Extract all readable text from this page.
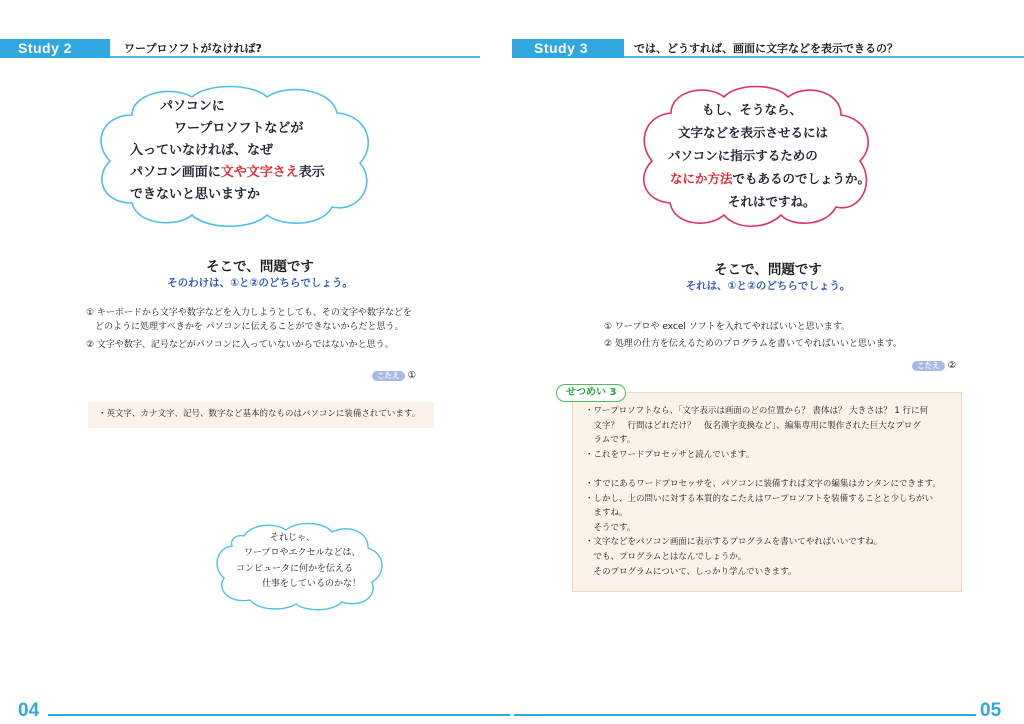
Study 2	ワープロソフトがなければ?	Study 3	では、どうすれば、画面に文字などを表示できるの？
パソコンに
ワープロソフトなどが
入っていなければ、なぜ
パソコン画面に文や文字さえ表示
できないと思いますか
もし、そうなら、
文字などを表示させるには
パソコンに指示するための
なにか方法でもあるのでしょうか。
それはですね。
そこで、問題です
そのわけは、①と②のどちらでしょう。
① キーボードから文字や数字などを入力しようとしても、その文字や数字などを
　どのように処理すべきかを パソコンに伝えることができないからだと思う。
② 文字や数字、記号などがパソコンに入っていないからではないかと思う。
こたえ ①
・英文字、カナ文字、記号、数字など基本的なものはパソコンに装備されています。
それじゃ、
ワープロやエクセルなどは、
コンピュータに何かを伝える
仕事をしているのかな！
そこで、問題です
それは、①と②のどちらでしょう。
① ワープロや excel ソフトを入れてやればいいと思います。
② 処理の仕方を伝えるためのプログラムを書いてやればいいと思います。
こたえ ②
・ワープロソフトなら、「文字表示は画面のどの位置から？ 書体は？ 大きさは？ 1 行に何
　文字？　行間はどれだけ？　仮名漢字変換など」、編集専用に製作された巨大なプログ
　ラムです。
・これをワードプロセッサと読んでいます。
・すでにあるワードプロセッサを、パソコンに装備すれば文字の編集はカンタンにできます。
・しかし、上の問いに対する本質的なこたえはワープロソフトを装備することと少しちがい
　ますね。
　そうです。
・文字などをパソコン画面に表示するプログラムを書いてやればいいですね。
　でも、プログラムとはなんでしょうか。
　そのプログラムについて、しっかり学んでいきます。
せつめい 3
04	05
